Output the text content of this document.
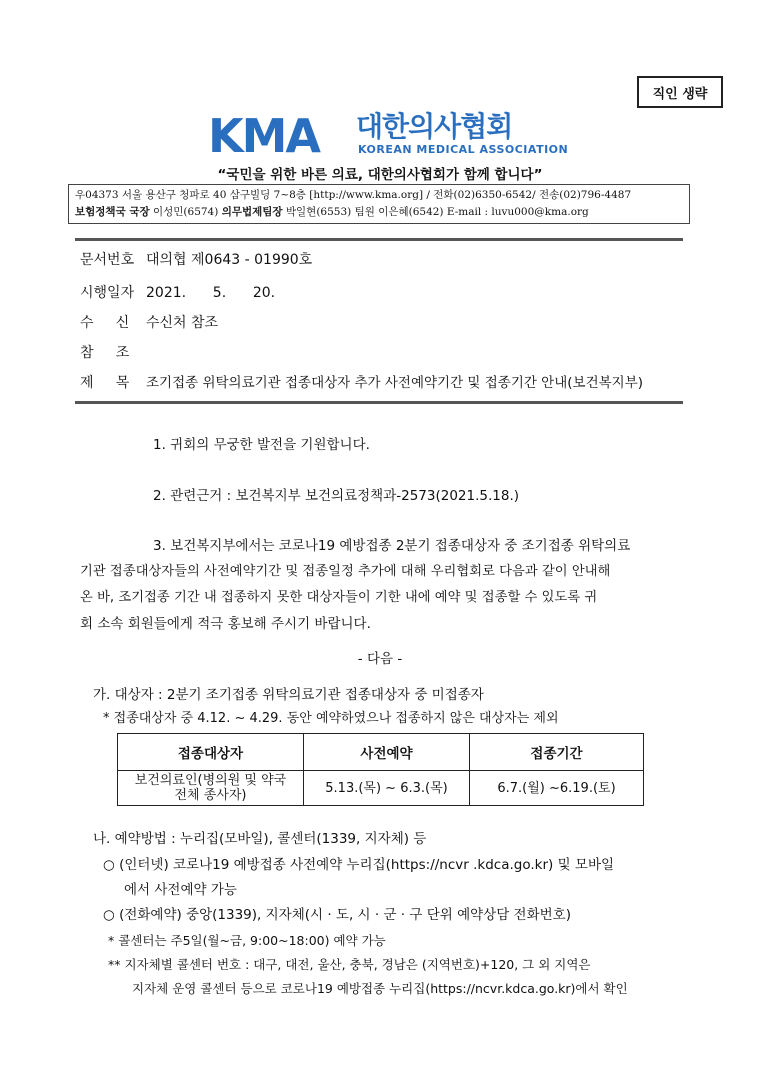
직인 생략
KMA 대한의사협회
KOREAN MEDICAL ASSOCIATION
“국민을 위한 바른 의료, 대한의사협회가 함께 합니다”
우04373 서울 용산구 청파로 40 삼구빌딩 7~8층 [http://www.kma.org] / 전화(02)6350-6542/ 전송(02)796-4487
보험정책국 국장 이성민(6574) 의무법제팀장 박일현(6553) 팀원 이은혜(6542) E-mail : luvu000@kma.org
문서번호 대의협 제0643 - 01990호
시행일자 2021.      5.      20.
수     신 수신처 참조
참     조
제     목 조기접종 위탁의료기관 접종대상자 추가 사전예약기간 및 접종기간 안내(보건복지부)
1. 귀회의 무궁한 발전을 기원합니다.
2. 관련근거 : 보건복지부 보건의료정책과-2573(2021.5.18.)
3. 보건복지부에서는 코로나19 예방접종 2분기 접종대상자 중 조기접종 위탁의료
기관 접종대상자들의 사전예약기간 및 접종일정 추가에 대해 우리협회로 다음과 같이 안내해
온 바, 조기접종 기간 내 접종하지 못한 대상자들이 기한 내에 예약 및 접종할 수 있도록 귀
회 소속 회원들에게 적극 홍보해 주시기 바랍니다.
- 다음 -
가. 대상자 : 2분기 조기접종 위탁의료기관 접종대상자 중 미접종자
* 접종대상자 중 4.12. ~ 4.29. 동안 예약하였으나 접종하지 않은 대상자는 제외
접종대상자	사전예약	접종기간

보건의료인(병의원 및 약국
전체 종사자)	5.13.(목) ~ 6.3.(목)	6.7.(월) ~6.19.(토)
나. 예약방법 : 누리집(모바일), 콜센터(1339, 지자체) 등
○ (인터넷) 코로나19 예방접종 사전예약 누리집(https://ncvr .kdca.go.kr) 및 모바일
에서 사전예약 가능
○ (전화예약) 중앙(1339), 지자체(시 · 도, 시 · 군 · 구 단위 예약상담 전화번호)
* 콜센터는 주5일(월~금, 9:00~18:00) 예약 가능
** 지자체별 콜센터 번호 : 대구, 대전, 울산, 충북, 경남은 (지역번호)+120, 그 외 지역은
지자체 운영 콜센터 등으로 코로나19 예방접종 누리집(https://ncvr.kdca.go.kr)에서 확인
